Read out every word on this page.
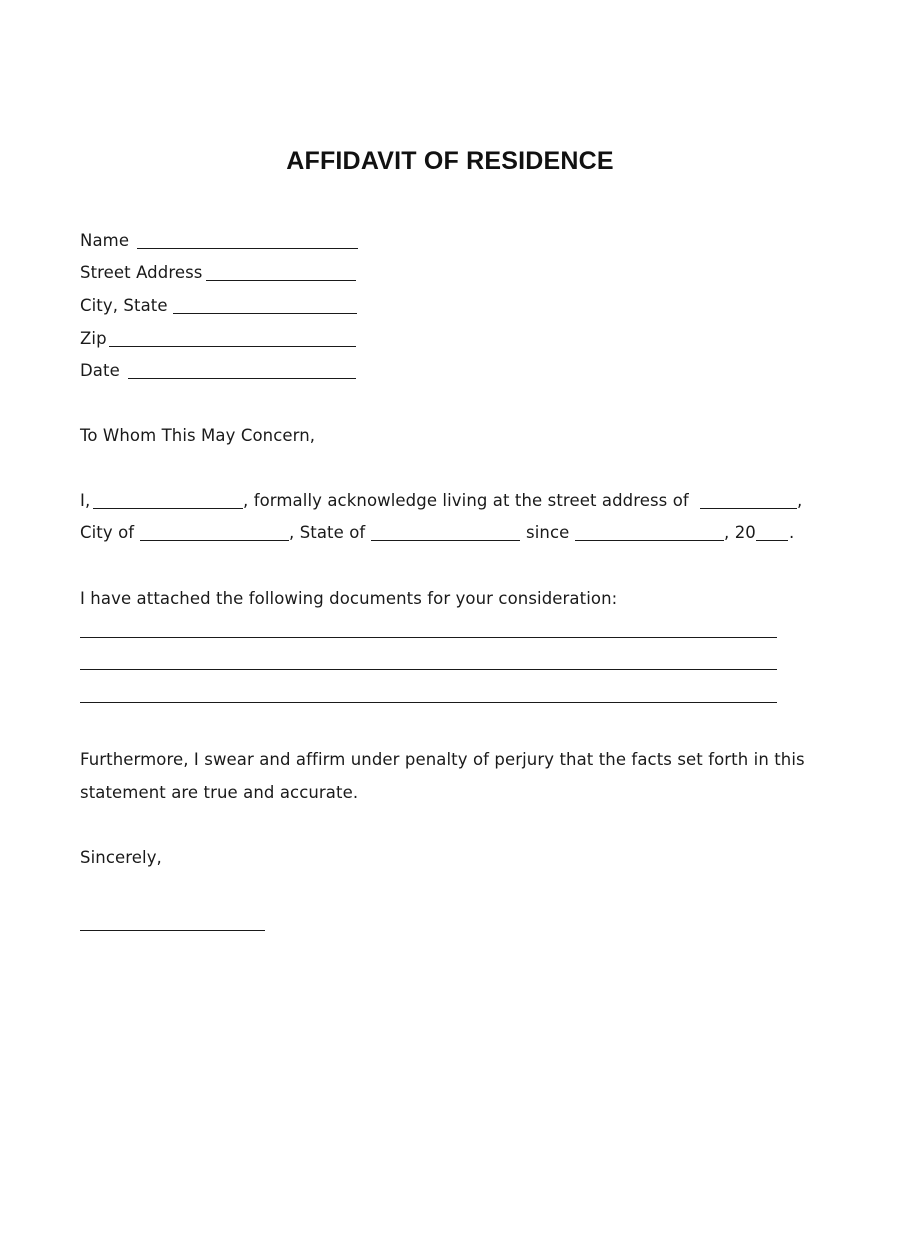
AFFIDAVIT OF RESIDENCE
Name
Street Address
City, State
Zip
Date
To Whom This May Concern,
I,	, formally acknowledge living at the street address of	,
City of	, State of	since	, 20 .
I have attached the following documents for your consideration:
Furthermore, I swear and affirm under penalty of perjury that the facts set forth in this
statement are true and accurate.
Sincerely,
